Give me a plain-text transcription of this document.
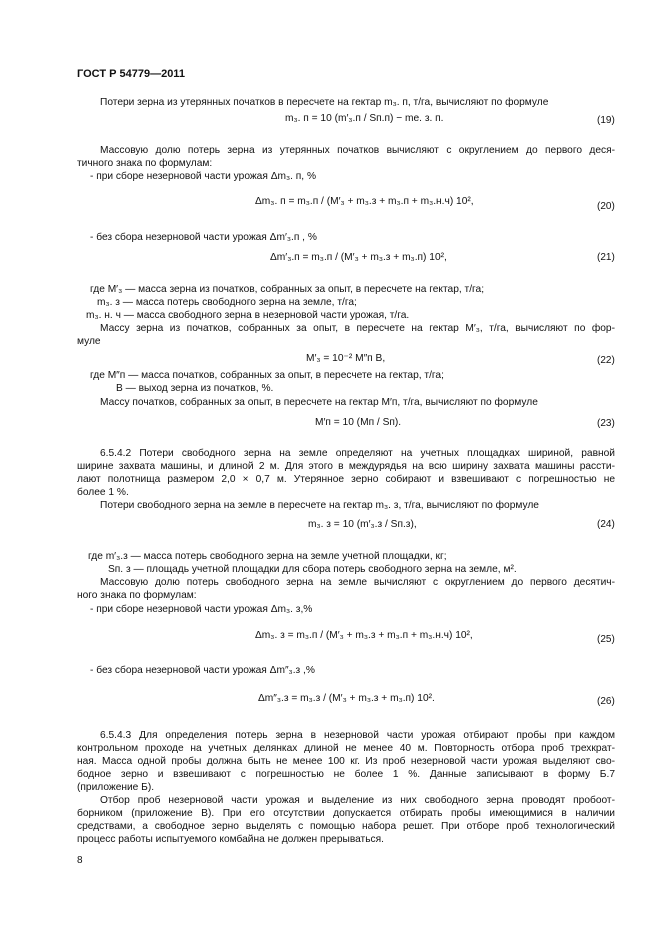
ГОСТ Р 54779—2011
Потери зерна из утерянных початков в пересчете на гектар m₃. п, т/га, вычисляют по формуле
m₃. п = 10 (m′₃.п / Sп.п) − mе. з. п.	(19)
Массовую долю потерь зерна из утерянных початков вычисляют с округлением до первого деся-
тичного знака по формулам:
- при сборе незерновой части урожая Δm₃. п, %
Δm₃. п = m₃.п / (M′₃ + m₃.з + m₃.п + m₃.н.ч) 10²,	(20)
- без сбора незерновой части урожая Δm′₃.п , %
Δm′₃.п = m₃.п / (M′₃ + m₃.з + m₃.п) 10²,	(21)
где M′₃ — масса зерна из початков, собранных за опыт, в пересчете на гектар, т/га;
m₃. з — масса потерь свободного зерна на земле, т/га;
m₃. н. ч — масса свободного зерна в незерновой части урожая, т/га.
Массу зерна из початков, собранных за опыт, в пересчете на гектар M′₃, т/га, вычисляют по фор-
муле
M′₃ = 10⁻² M″п B,	(22)
где M″п — масса початков, собранных за опыт, в пересчете на гектар, т/га;
B — выход зерна из початков, %.
Массу початков, собранных за опыт, в пересчете на гектар M′п, т/га, вычисляют по формуле
M′п = 10 (Mп / Sп).	(23)
6.5.4.2 Потери свободного зерна на земле определяют на учетных площадках шириной, равной
ширине захвата машины, и длиной 2 м. Для этого в междурядья на всю ширину захвата машины рассти-
лают полотнища размером 2,0 × 0,7 м. Утерянное зерно собирают и взвешивают с погрешностью не
более 1 %.
Потери свободного зерна на земле в пересчете на гектар m₃. з, т/га, вычисляют по формуле
m₃. з = 10 (m′₃.з / Sп.з),	(24)
где m′₃.з — масса потерь свободного зерна на земле учетной площадки, кг;
Sп. з — площадь учетной площадки для сбора потерь свободного зерна на земле, м².
Массовую долю потерь свободного зерна на земле вычисляют с округлением до первого десятич-
ного знака по формулам:
- при сборе незерновой части урожая Δm₃. з,%
Δm₃. з = m₃.п / (M′₃ + m₃.з + m₃.п + m₃.н.ч) 10²,	(25)
- без сбора незерновой части урожая Δm″₃.з ,%
Δm″₃.з = m₃.з / (M′₃ + m₃.з + m₃.п) 10².	(26)
6.5.4.3 Для определения потерь зерна в незерновой части урожая отбирают пробы при каждом
контрольном проходе на учетных делянках длиной не менее 40 м. Повторность отбора проб трехкрат-
ная. Масса одной пробы должна быть не менее 100 кг. Из проб незерновой части урожая выделяют сво-
бодное зерно и взвешивают с погрешностью не более 1 %. Данные записывают в форму Б.7
(приложение Б).
Отбор проб незерновой части урожая и выделение из них свободного зерна проводят пробоот-
борником (приложение В). При его отсутствии допускается отбирать пробы имеющимися в наличии
средствами, а свободное зерно выделять с помощью набора решет. При отборе проб технологический
процесс работы испытуемого комбайна не должен прерываться.
8
